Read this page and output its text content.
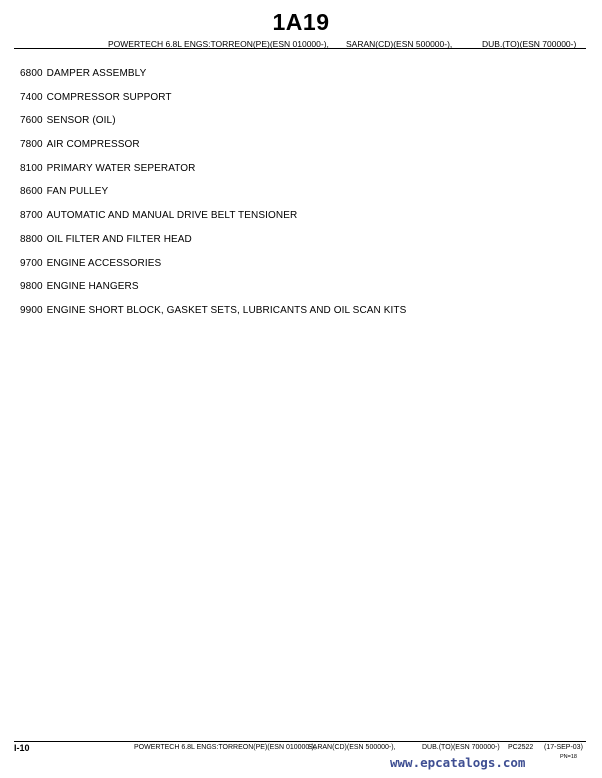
1A19
POWERTECH 6.8L ENGS:TORREON(PE)(ESN 010000-), SARAN(CD)(ESN 500000-),	DUB.(TO)(ESN 700000-)
6800 DAMPER ASSEMBLY
7400 COMPRESSOR SUPPORT
7600 SENSOR (OIL)
7800 AIR COMPRESSOR
8100 PRIMARY WATER SEPERATOR
8600 FAN PULLEY
8700 AUTOMATIC AND MANUAL DRIVE BELT TENSIONER
8800 OIL FILTER AND FILTER HEAD
9700 ENGINE ACCESSORIES
9800 ENGINE HANGERS
9900 ENGINE SHORT BLOCK, GASKET SETS, LUBRICANTS AND OIL SCAN KITS
I-10	POWERTECH 6.8L ENGS:TORREON(PE)(ESN 010000-),
SARAN(CD)(ESN 500000-),	DUB.(TO)(ESN 700000-) PC2522 (17-SEP-03)
PN=18
www.epcatalogs.com
